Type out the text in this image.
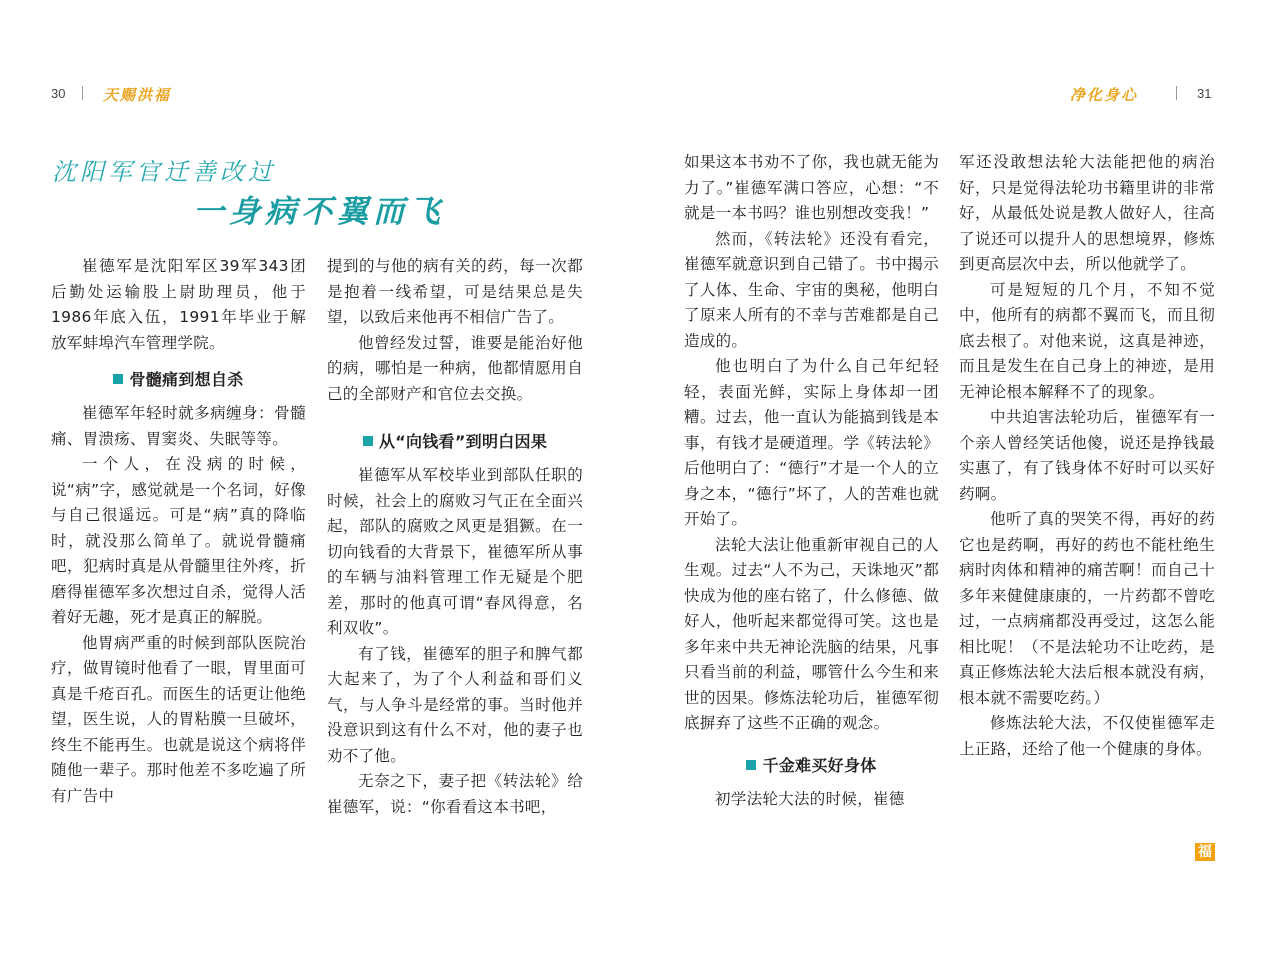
30	天赐洪福	净化身心	31
沈阳军官迁善改过
一身病不翼而飞

崔德军是沈阳军区39军343团后勤处运输股上尉助理员，他于1986年底入伍，1991年毕业于解放军蚌埠汽车管理学院。

骨髓痛到想自杀

崔德军年轻时就多病缠身：骨髓痛、胃溃疡、胃窦炎、失眠等等。

一个人，在没病的时候，说“病”字，感觉就是一个名词，好像与自己很遥远。可是“病”真的降临时，就没那么简单了。就说骨髓痛吧，犯病时真是从骨髓里往外疼，折磨得崔德军多次想过自杀，觉得人活着好无趣，死才是真正的解脱。

他胃病严重的时候到部队医院治疗，做胃镜时他看了一眼，胃里面可真是千疮百孔。而医生的话更让他绝望，医生说，人的胃粘膜一旦破坏，终生不能再生。也就是说这个病将伴随他一辈子。那时他差不多吃遍了所有广告中

提到的与他的病有关的药，每一次都是抱着一线希望，可是结果总是失望，以致后来他再不相信广告了。

他曾经发过誓，谁要是能治好他的病，哪怕是一种病，他都情愿用自己的全部财产和官位去交换。

从“向钱看”到明白因果

崔德军从军校毕业到部队任职的时候，社会上的腐败习气正在全面兴起，部队的腐败之风更是猖獗。在一切向钱看的大背景下，崔德军所从事的车辆与油料管理工作无疑是个肥差，那时的他真可谓“春风得意，名利双收”。

有了钱，崔德军的胆子和脾气都大起来了，为了个人利益和哥们义气，与人争斗是经常的事。当时他并没意识到这有什么不对，他的妻子也劝不了他。

无奈之下，妻子把《转法轮》给崔德军，说：“你看看这本书吧，

如果这本书劝不了你，我也就无能为力了。”崔德军满口答应，心想：“不就是一本书吗？谁也别想改变我！”

然而，《转法轮》还没有看完，崔德军就意识到自己错了。书中揭示了人体、生命、宇宙的奥秘，他明白了原来人所有的不幸与苦难都是自己造成的。

他也明白了为什么自己年纪轻轻，表面光鲜，实际上身体却一团糟。过去，他一直认为能搞到钱是本事，有钱才是硬道理。学《转法轮》后他明白了：“德行”才是一个人的立身之本，“德行”坏了，人的苦难也就开始了。

法轮大法让他重新审视自己的人生观。过去“人不为己，天诛地灭”都快成为他的座右铭了，什么修德、做好人，他听起来都觉得可笑。这也是多年来中共无神论洗脑的结果，凡事只看当前的利益，哪管什么今生和来世的因果。修炼法轮功后，崔德军彻底摒弃了这些不正确的观念。

千金难买好身体

初学法轮大法的时候，崔德

军还没敢想法轮大法能把他的病治好，只是觉得法轮功书籍里讲的非常好，从最低处说是教人做好人，往高了说还可以提升人的思想境界，修炼到更高层次中去，所以他就学了。

可是短短的几个月，不知不觉中，他所有的病都不翼而飞，而且彻底去根了。对他来说，这真是神迹，而且是发生在自己身上的神迹，是用无神论根本解释不了的现象。

中共迫害法轮功后，崔德军有一个亲人曾经笑话他傻，说还是挣钱最实惠了，有了钱身体不好时可以买好药啊。

他听了真的哭笑不得，再好的药它也是药啊，再好的药也不能杜绝生病时肉体和精神的痛苦啊！而自己十多年来健健康康的，一片药都不曾吃过，一点病痛都没再受过，这怎么能相比呢！（不是法轮功不让吃药，是真正修炼法轮大法后根本就没有病，根本就不需要吃药。）

修炼法轮大法，不仅使崔德军走上正路，还给了他一个健康的身体。

福
